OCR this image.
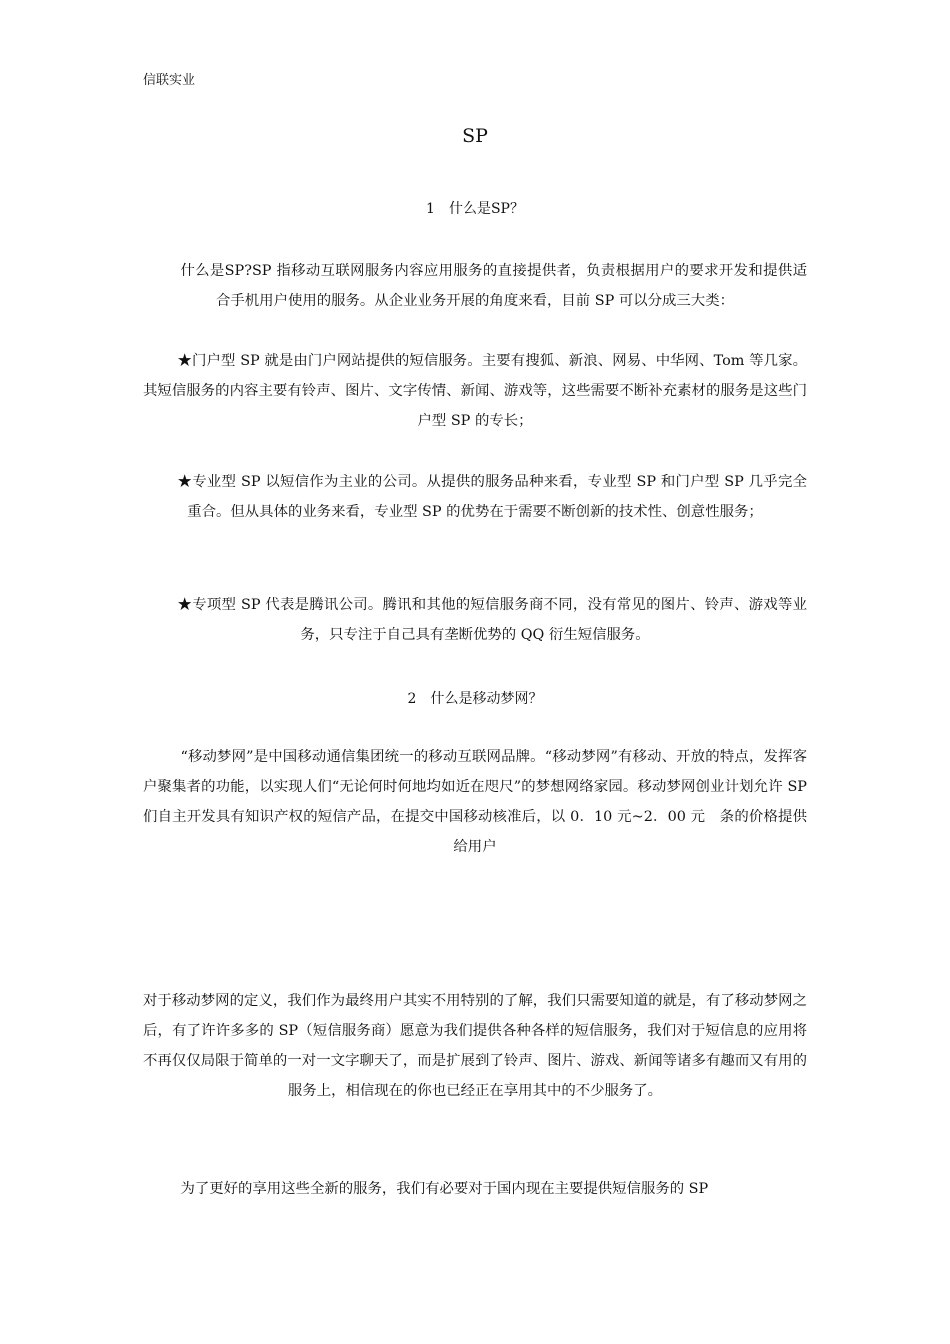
信联实业
SP
1　什么是SP？

什么是SP?SP 指移动互联网服务内容应用服务的直接提供者，负责根据用户的要求开发和提供适合手机用户使用的服务。从企业业务开展的角度来看，目前 SP 可以分成三大类：

★门户型 SP 就是由门户网站提供的短信服务。主要有搜狐、新浪、网易、中华网、Tom 等几家。其短信服务的内容主要有铃声、图片、文字传情、新闻、游戏等，这些需要不断补充素材的服务是这些门户型 SP 的专长；

★专业型 SP 以短信作为主业的公司。从提供的服务品种来看，专业型 SP 和门户型 SP 几乎完全重合。但从具体的业务来看，专业型 SP 的优势在于需要不断创新的技术性、创意性服务；

★专项型 SP 代表是腾讯公司。腾讯和其他的短信服务商不同，没有常见的图片、铃声、游戏等业务，只专注于自己具有垄断优势的 QQ 衍生短信服务。

2　什么是移动梦网？

“移动梦网”是中国移动通信集团统一的移动互联网品牌。“移动梦网”有移动、开放的特点，发挥客户聚集者的功能，以实现人们“无论何时何地均如近在咫尺”的梦想网络家园。移动梦网创业计划允许 SP 们自主开发具有知识产权的短信产品，在提交中国移动核准后，以 0．10 元~2．00 元　条的价格提供给用户

对于移动梦网的定义，我们作为最终用户其实不用特别的了解，我们只需要知道的就是，有了移动梦网之后，有了许许多多的 SP（短信服务商）愿意为我们提供各种各样的短信服务，我们对于短信息的应用将不再仅仅局限于简单的一对一文字聊天了，而是扩展到了铃声、图片、游戏、新闻等诸多有趣而又有用的服务上，相信现在的你也已经正在享用其中的不少服务了。

为了更好的享用这些全新的服务，我们有必要对于国内现在主要提供短信服务的 SP
